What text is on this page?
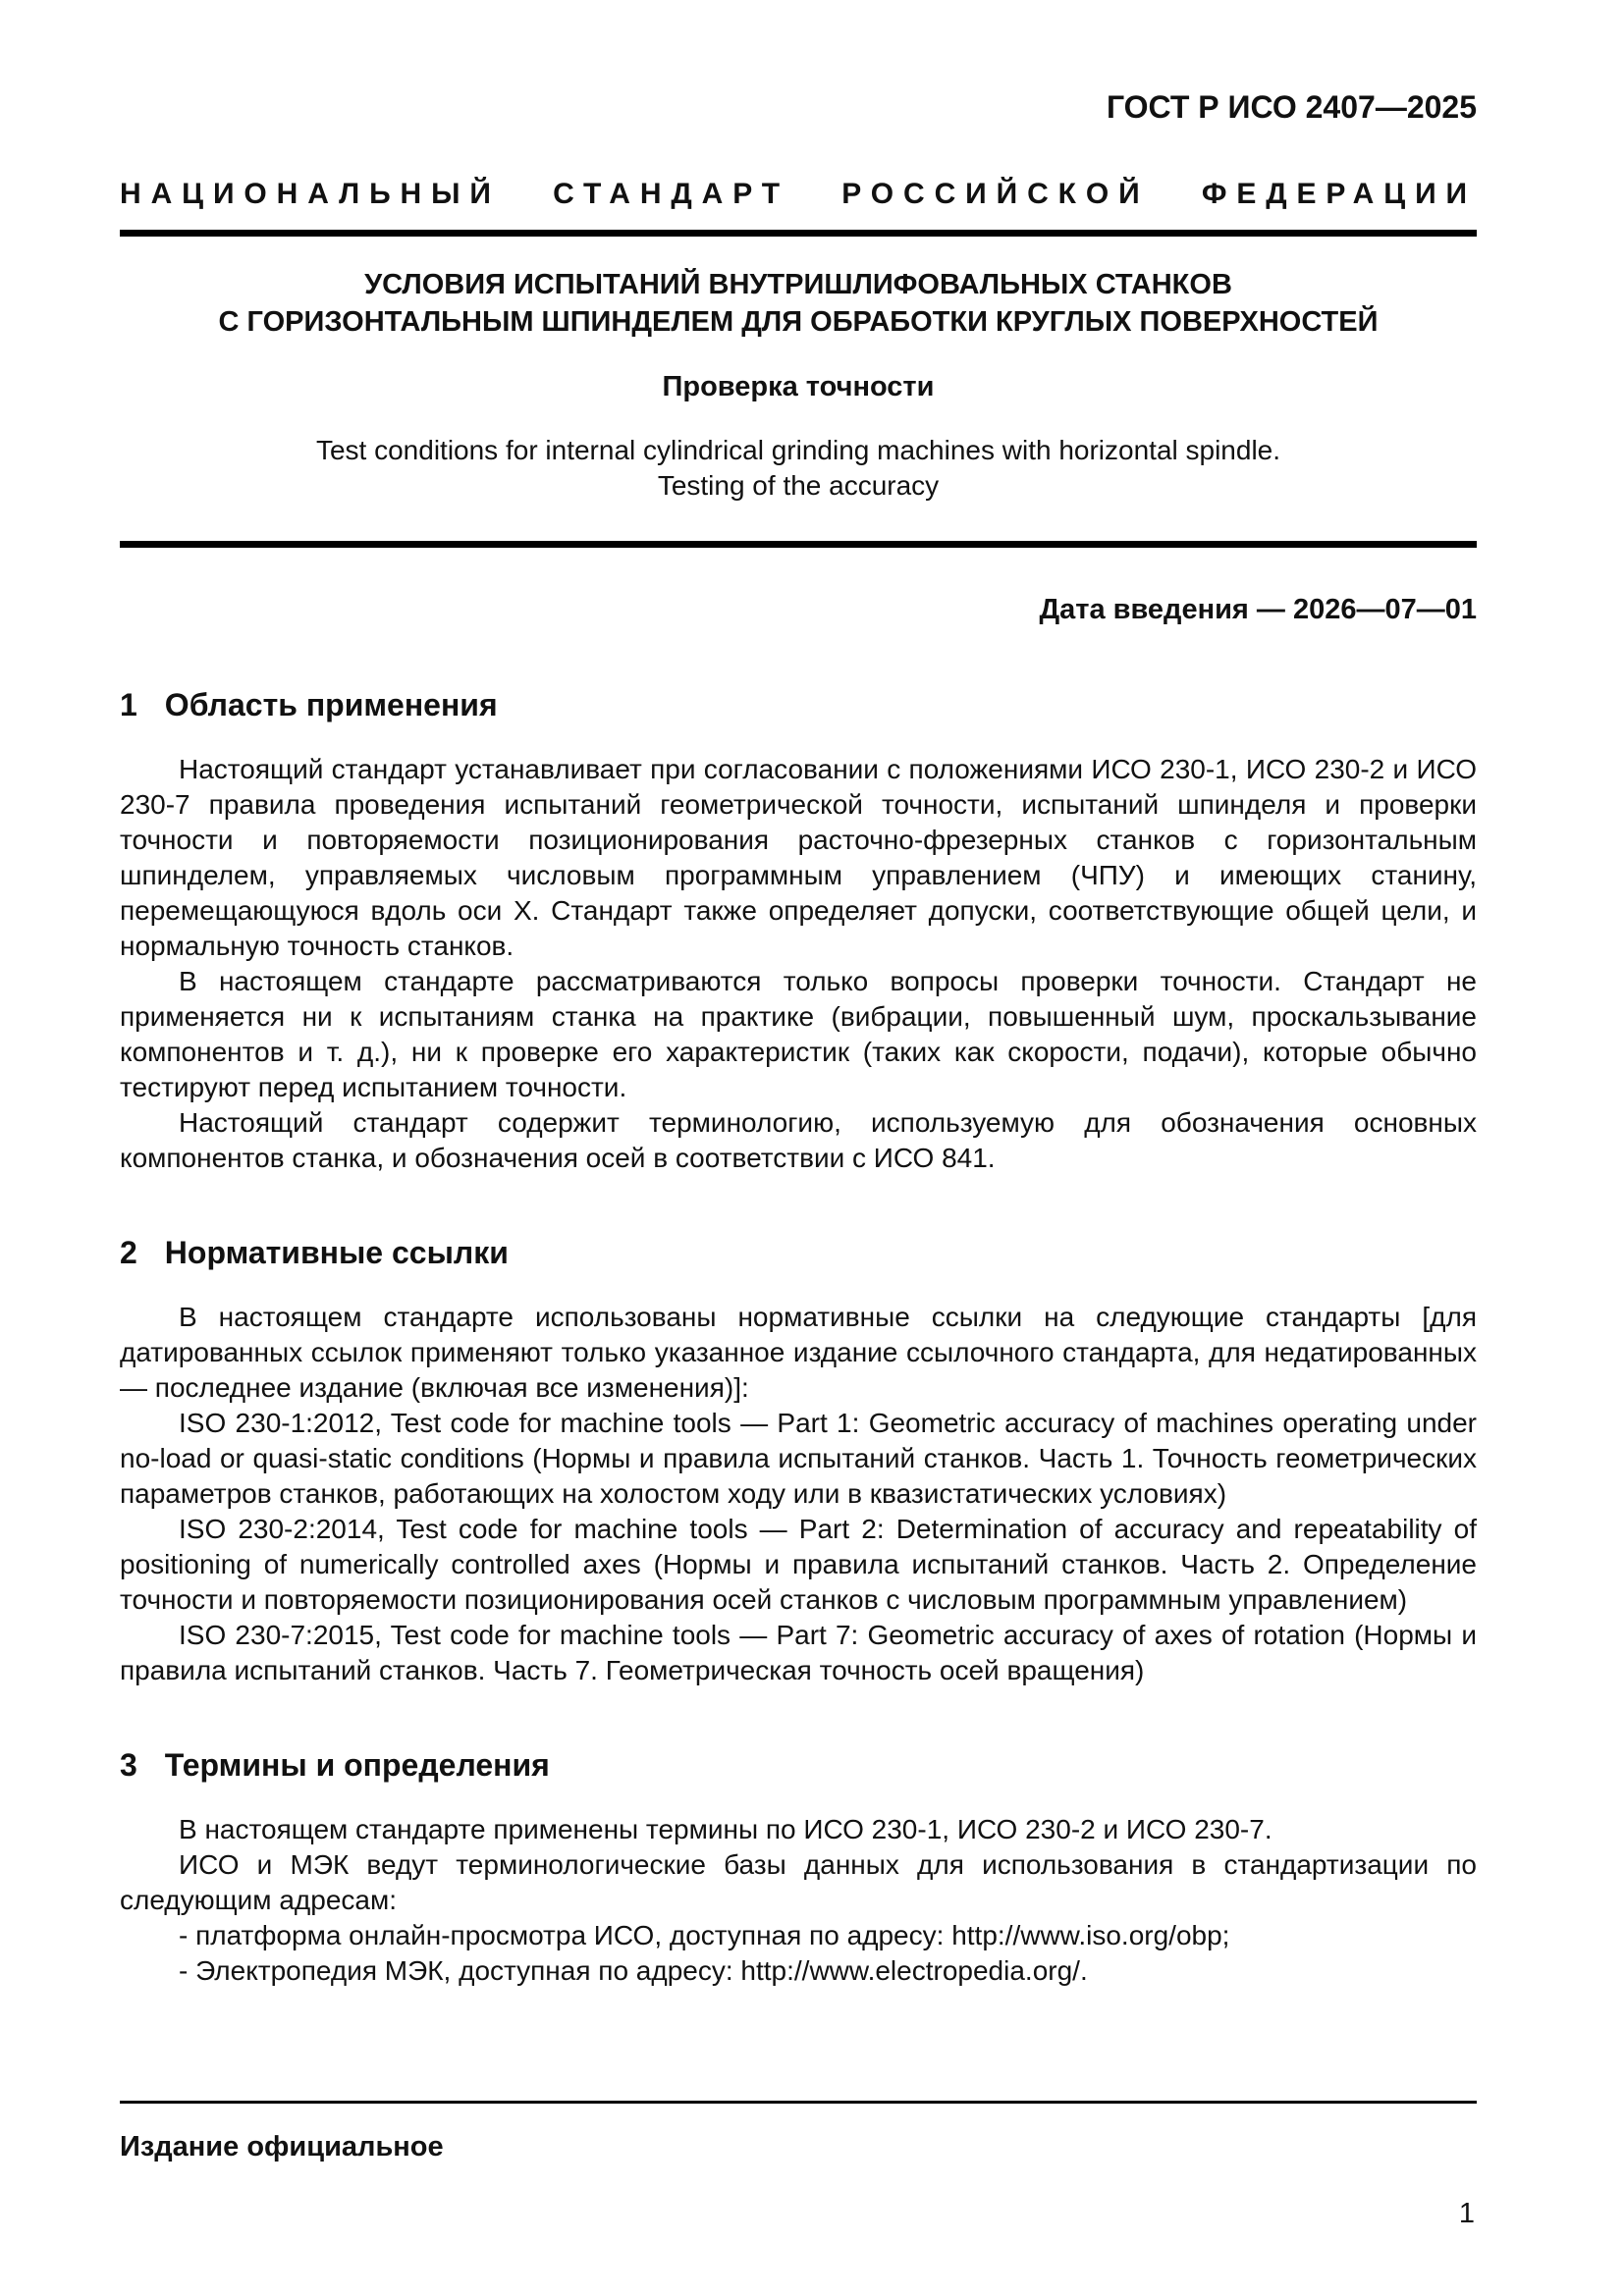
ГОСТ Р ИСО 2407—2025
НАЦИОНАЛЬНЫЙ СТАНДАРТ РОССИЙСКОЙ ФЕДЕРАЦИИ
УСЛОВИЯ ИСПЫТАНИЙ ВНУТРИШЛИФОВАЛЬНЫХ СТАНКОВ
С ГОРИЗОНТАЛЬНЫМ ШПИНДЕЛЕМ ДЛЯ ОБРАБОТКИ КРУГЛЫХ ПОВЕРХНОСТЕЙ
Проверка точности
Test conditions for internal cylindrical grinding machines with horizontal spindle.
Testing of the accuracy
Дата введения — 2026—07—01
1 Область применения

Настоящий стандарт устанавливает при согласовании с положениями ИСО 230-1, ИСО 230-2 и ИСО 230-7 правила проведения испытаний геометрической точности, испытаний шпинделя и проверки точности и повторяемости позиционирования расточно-фрезерных станков с горизонтальным шпинделем, управляемых числовым программным управлением (ЧПУ) и имеющих станину, перемещающуюся вдоль оси X. Стандарт также определяет допуски, соответствующие общей цели, и нормальную точность станков.

В настоящем стандарте рассматриваются только вопросы проверки точности. Стандарт не применяется ни к испытаниям станка на практике (вибрации, повышенный шум, проскальзывание компонентов и т. д.), ни к проверке его характеристик (таких как скорости, подачи), которые обычно тестируют перед испытанием точности.

Настоящий стандарт содержит терминологию, используемую для обозначения основных компонентов станка, и обозначения осей в соответствии с ИСО 841.

2 Нормативные ссылки

В настоящем стандарте использованы нормативные ссылки на следующие стандарты [для датированных ссылок применяют только указанное издание ссылочного стандарта, для недатированных — последнее издание (включая все изменения)]:

ISO 230-1:2012, Test code for machine tools — Part 1: Geometric accuracy of machines operating under no-load or quasi-static conditions (Нормы и правила испытаний станков. Часть 1. Точность геометрических параметров станков, работающих на холостом ходу или в квазистатических условиях)

ISO 230-2:2014, Test code for machine tools — Part 2: Determination of accuracy and repeatability of positioning of numerically controlled axes (Нормы и правила испытаний станков. Часть 2. Определение точности и повторяемости позиционирования осей станков с числовым программным управлением)

ISO 230-7:2015, Test code for machine tools — Part 7: Geometric accuracy of axes of rotation (Нормы и правила испытаний станков. Часть 7. Геометрическая точность осей вращения)

3 Термины и определения

В настоящем стандарте применены термины по ИСО 230-1, ИСО 230-2 и ИСО 230-7.

ИСО и МЭК ведут терминологические базы данных для использования в стандартизации по следующим адресам:

- платформа онлайн-просмотра ИСО, доступная по адресу: http://www.iso.org/obp;

- Электропедия МЭК, доступная по адресу: http://www.electropedia.org/.

Издание официальное
1
